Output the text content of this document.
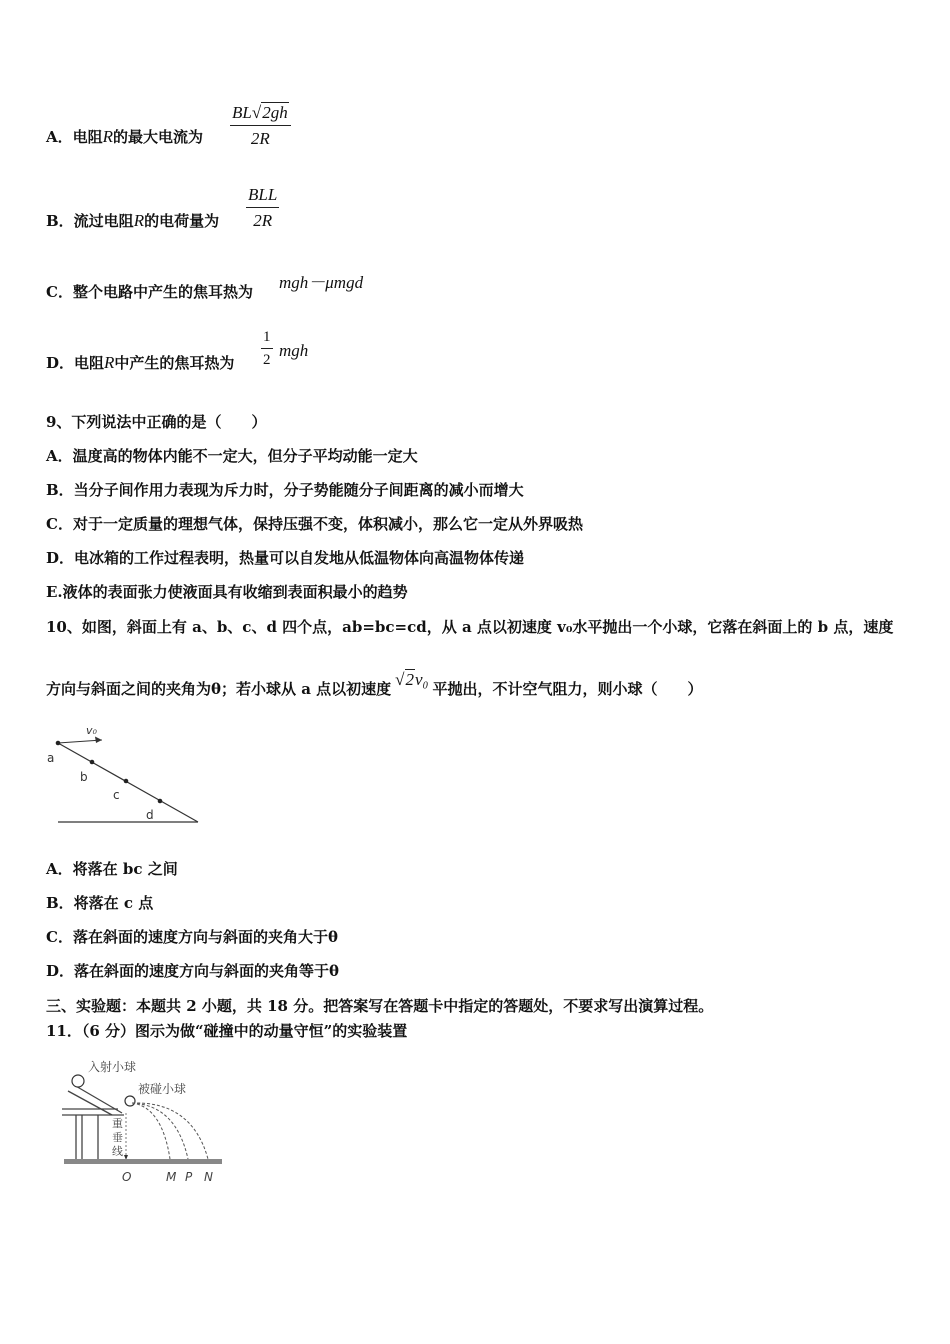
A．电阻R的最大电流为 $\frac{BL√2gh}{2R}$
B．流过电阻R的电荷量为
BLL
2R
C．整个电路中产生的焦耳热为 mgh－μmgd
D．电阻R中产生的焦耳热为 $\frac{1}{2}$ mgh
9、下列说法中正确的是（　　）
A．温度高的物体内能不一定大，但分子平均动能一定大
B．当分子间作用力表现为斥力时，分子势能随分子间距离的减小而增大
C．对于一定质量的理想气体，保持压强不变，体积减小，那么它一定从外界吸热
D．电冰箱的工作过程表明，热量可以自发地从低温物体向高温物体传递
E.液体的表面张力使液面具有收缩到表面积最小的趋势
10、如图，斜面上有 a、b、c、d 四个点，ab=bc=cd，从 a 点以初速度 v₀水平抛出一个小球，它落在斜面上的 b 点，速度
方向与斜面之间的夹角为θ；若小球从 a 点以初速度 √2v₀ 平抛出，不计空气阻力，则小球（　　）
v₀
a
b
c
d
A．将落在 bc 之间
B．将落在 c 点
C．落在斜面的速度方向与斜面的夹角大于θ
D．落在斜面的速度方向与斜面的夹角等于θ
三、实验题：本题共 2 小题，共 18 分。把答案写在答题卡中指定的答题处，不要求写出演算过程。
11．（6 分）图示为做“碰撞中的动量守恒”的实验装置
入射小球
被碰小球
重
垂
线
O	M P N
